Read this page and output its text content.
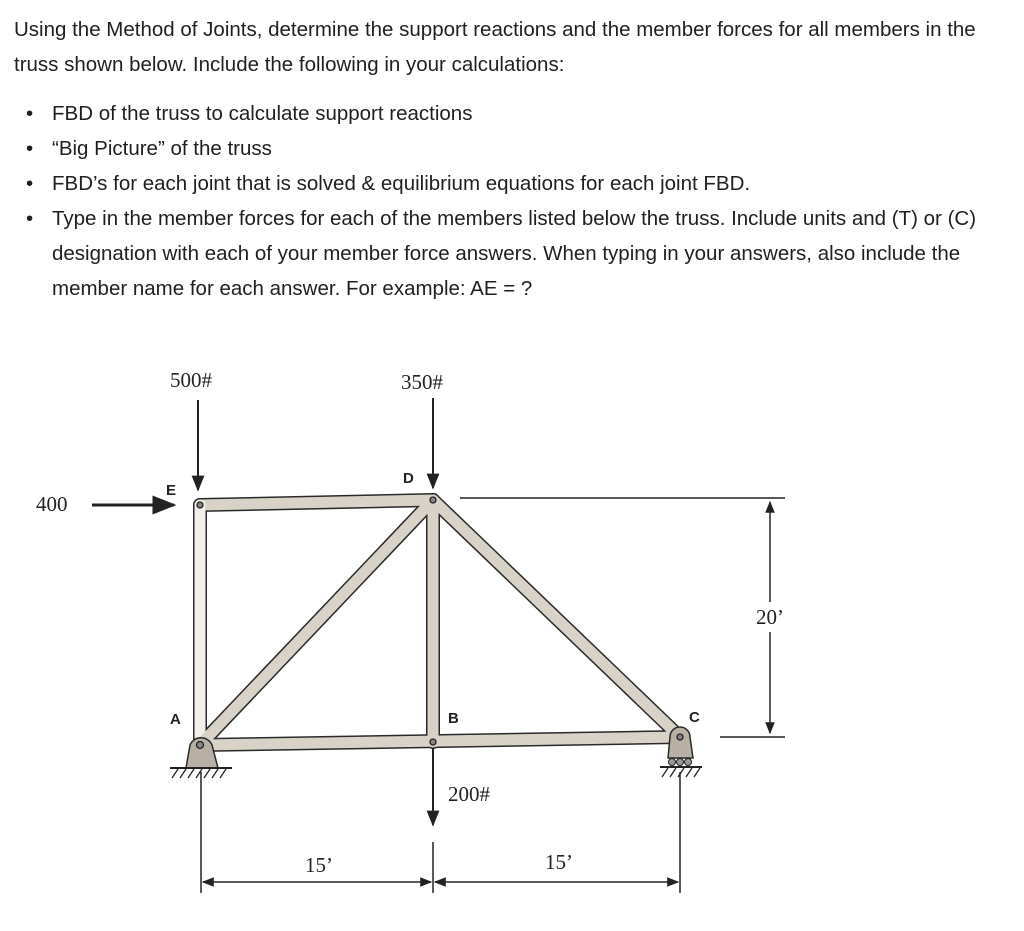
Using the Method of Joints, determine the support reactions and the member forces for all members in the truss shown below. Include the following in your calculations:
• FBD of the truss to calculate support reactions
• “Big Picture” of the truss
• FBD’s for each joint that is solved & equilibrium equations for each joint FBD.
• Type in the member forces for each of the members listed below the truss. Include units and (T) or (C) designation with each of your member force answers. When typing in your answers, also include the member name for each answer. For example: AE = ?
E
D
A	B	C
500#	350#
400
200#
20’
15’	15’
